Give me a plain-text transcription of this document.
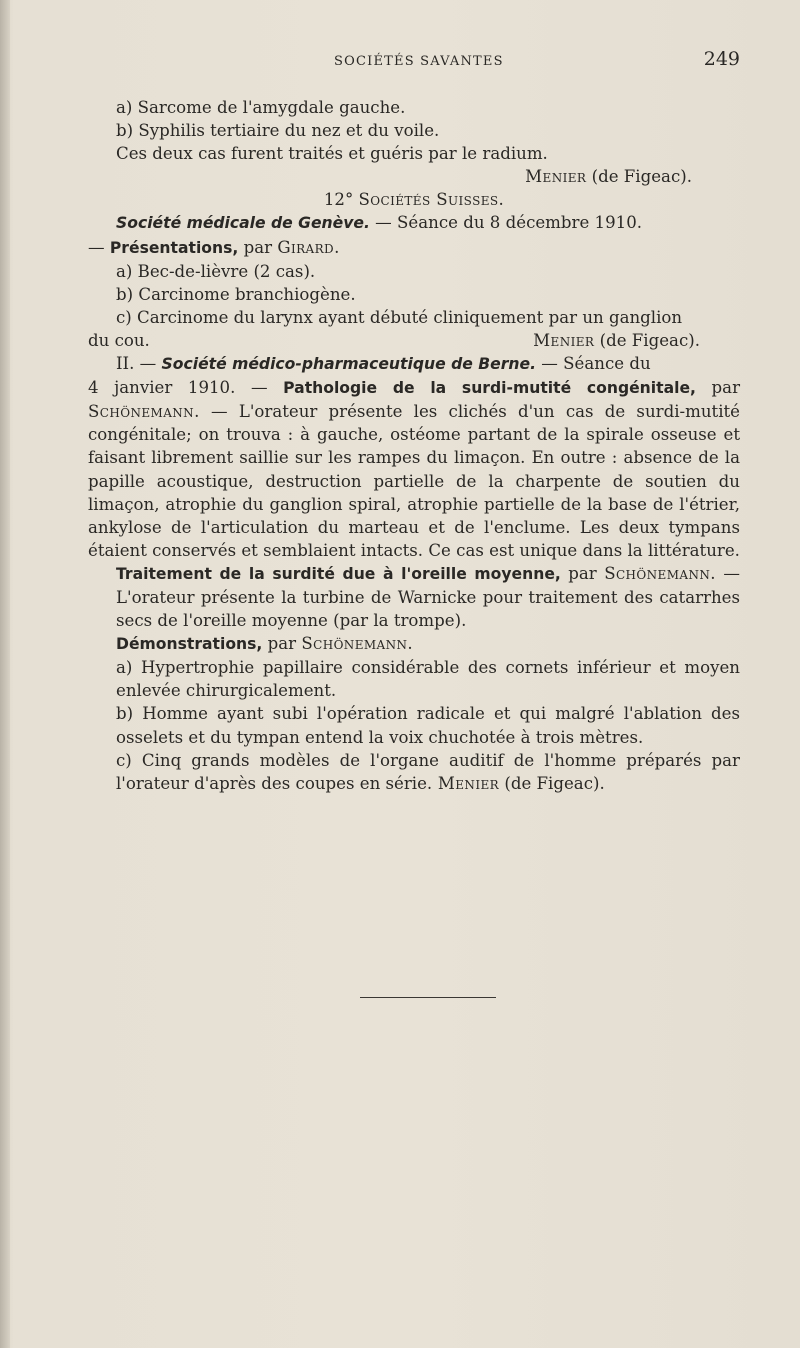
SOCIÉTÉS SAVANTES	249

a) Sarcome de l'amygdale gauche.

b) Syphilis tertiaire du nez et du voile.

Ces deux cas furent traités et guéris par le radium.

Menier (de Figeac).

12° Sociétés Suisses.

Société médicale de Genève. — Séance du 8 décembre 1910.

— Présentations, par Girard.

a) Bec-de-lièvre (2 cas).

b) Carcinome branchiogène.

c) Carcinome du larynx ayant débuté cliniquement par un ganglion

du cou.	Menier (de Figeac).

II. — Société médico-pharmaceutique de Berne. — Séance du

4 janvier 1910. — Pathologie de la surdi-mutité congénitale, par Schönemann. — L'orateur présente les clichés d'un cas de surdi-mutité congénitale; on trouva : à gauche, ostéome partant de la spirale osseuse et faisant librement saillie sur les rampes du limaçon. En outre : absence de la papille acoustique, destruction partielle de la charpente de soutien du limaçon, atrophie du ganglion spiral, atrophie partielle de la base de l'étrier, ankylose de l'articulation du marteau et de l'enclume. Les deux tympans étaient conservés et semblaient intacts. Ce cas est unique dans la littérature.

Traitement de la surdité due à l'oreille moyenne, par Schönemann. — L'orateur présente la turbine de Warnicke pour traitement des catarrhes secs de l'oreille moyenne (par la trompe).

Démonstrations, par Schönemann.

a) Hypertrophie papillaire considérable des cornets inférieur et moyen enlevée chirurgicalement.

b) Homme ayant subi l'opération radicale et qui malgré l'ablation des osselets et du tympan entend la voix chuchotée à trois mètres.

c) Cinq grands modèles de l'organe auditif de l'homme préparés par l'orateur d'après des coupes en série. Menier (de Figeac).
